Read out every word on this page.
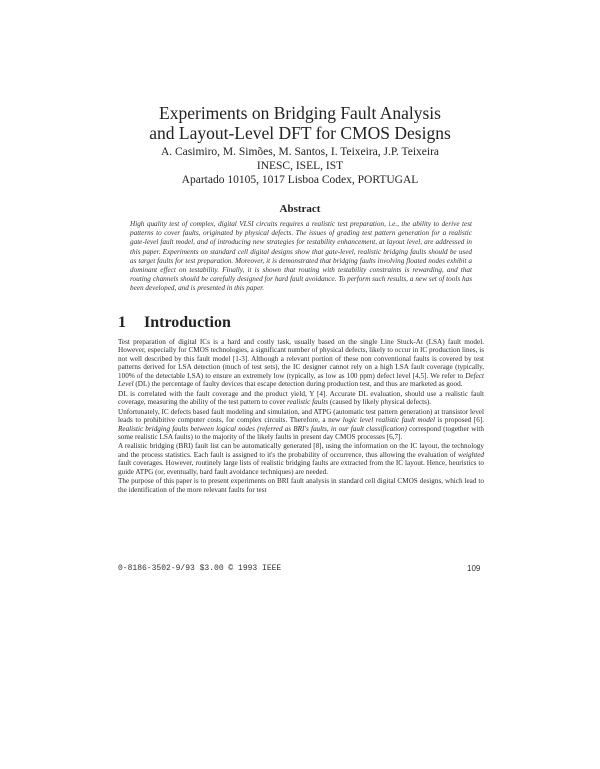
Experiments on Bridging Fault Analysis
and Layout-Level DFT for CMOS Designs
A. Casimiro, M. Simões, M. Santos, I. Teixeira, J.P. Teixeira
INESC, ISEL, IST
Apartado 10105, 1017 Lisboa Codex, PORTUGAL
Abstract

High quality test of complex, digital VLSI circuits requires a realistic test preparation, i.e., the ability to derive test patterns to cover faults, originated by physical defects. The issues of grading test pattern generation for a realistic gate-level fault model, and of introducing new strategies for testability enhancement, at layout level, are addressed in this paper. Experiments on standard cell digital designs show that gate-level, realistic bridging faults should be used as target faults for test preparation. Moreover, it is demonstrated that bridging faults involving floated nodes exhibit a dominant effect on testability. Finally, it is shown that routing with testability constraints is rewarding, and that routing channels should be carefully designed for hard fault avoidance. To perform such results, a new set of tools has been developed, and is presented in this paper.

1 Introduction

Test preparation of digital ICs is a hard and costly task, usually based on the single Line Stuck-At (LSA) fault model. However, especially for CMOS technologies, a significant number of physical defects, likely to occur in IC production lines, is not well described by this fault model [1-3]. Although a relevant portion of these non conventional faults is covered by test patterns derived for LSA detection (much of test sets), the IC designer cannot rely on a high LSA fault coverage (typically, 100% of the detectable LSA) to ensure an extremely low (typically, as low as 100 ppm) defect level [4,5]. We refer to Defect Level (DL) the percentage of faulty devices that escape detection during production test, and thus are marketed as good.

DL is correlated with the fault coverage and the product yield, Y [4]. Accurate DL evaluation, should use a realistic fault coverage, measuring the ability of the test pattern to cover realistic faults (caused by likely physical defects).

Unfortunately, IC defects based fault modeling and simulation, and ATPG (automatic test pattern generation) at transistor level leads to prohibitive computer costs, for complex circuits. Therefore, a new logic level realistic fault model is proposed [6]. Realistic bridging faults between logical nodes (referred as BRI's faults, in our fault classification) correspond (together with some realistic LSA faults) to the majority of the likely faults in present day CMOS processes [6,7].

A realistic bridging (BRI) fault list can be automatically generated [8], using the information on the IC layout, the technology and the process statistics. Each fault is assigned to it's the probability of occurrence, thus allowing the evaluation of weighted fault coverages. However, routinely large lists of realistic bridging faults are extracted from the IC layout. Hence, heuristics to guide ATPG (or, eventually, hard fault avoidance techniques) are needed.

The purpose of this paper is to present experiments on BRI fault analysis in standard cell digital CMOS designs, which lead to the identification of the more relevant faults for test

0-8186-3502-9/93 $3.00 © 1993 IEEE	109
